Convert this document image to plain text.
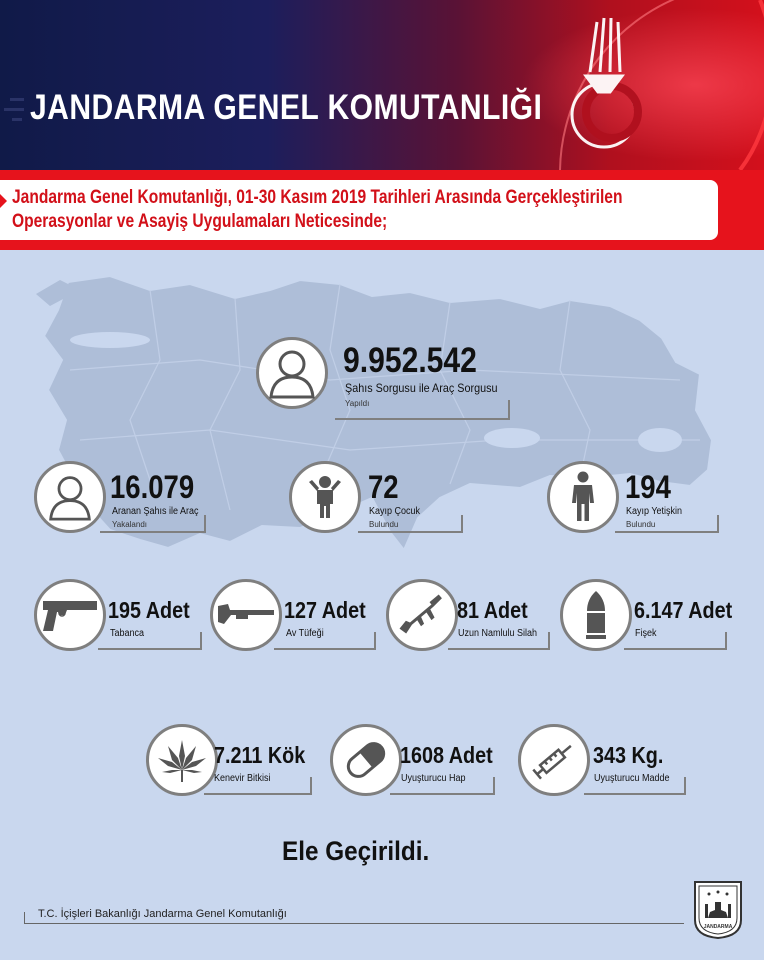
JANDARMA GENEL KOMUTANLIĞI
Jandarma Genel Komutanlığı, 01-30 Kasım 2019 Tarihleri Arasında Gerçekleştirilen
Operasyonlar ve Asayiş Uygulamaları Neticesinde;
9.952.542
Şahıs Sorgusu ile Araç Sorgusu
Yapıldı
16.079
Aranan Şahıs ile Araç
Yakalandı
72
Kayıp Çocuk
Bulundu
194
Kayıp Yetişkin
Bulundu
195 Adet
Tabanca
127 Adet
Av Tüfeği
81 Adet
Uzun Namlulu Silah
6.147 Adet
Fişek
7.211 Kök
Kenevir Bitkisi
1608 Adet
Uyuşturucu Hap
343 Kg.
Uyuşturucu Madde
Ele Geçirildi.
T.C. İçişleri Bakanlığı Jandarma Genel Komutanlığı
JANDARMA
